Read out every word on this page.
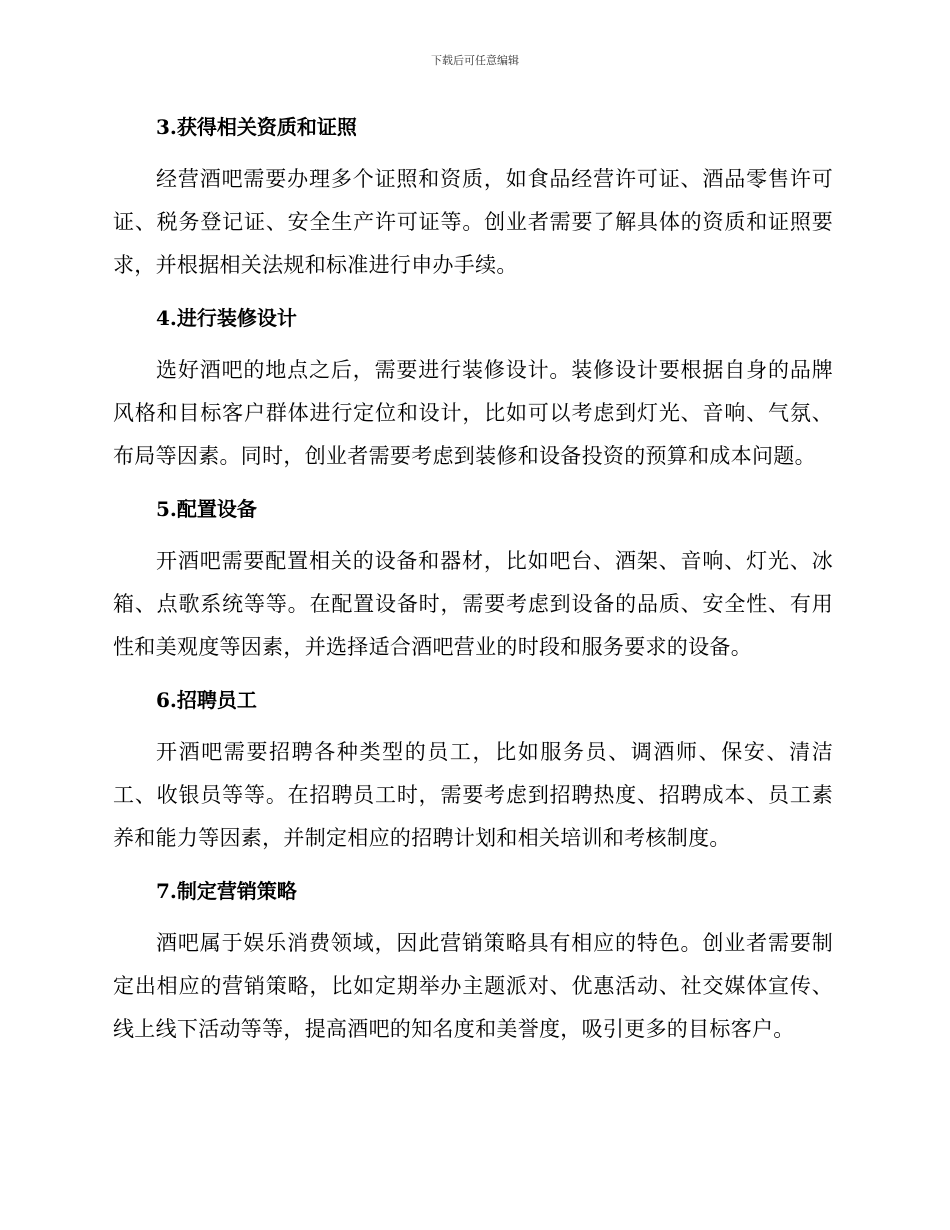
下载后可任意编辑
3.获得相关资质和证照

经营酒吧需要办理多个证照和资质，如食品经营许可证、酒品零售许可证、税务登记证、安全生产许可证等。创业者需要了解具体的资质和证照要求，并根据相关法规和标准进行申办手续。

4.进行装修设计

选好酒吧的地点之后，需要进行装修设计。装修设计要根据自身的品牌风格和目标客户群体进行定位和设计，比如可以考虑到灯光、音响、气氛、布局等因素。同时，创业者需要考虑到装修和设备投资的预算和成本问题。

5.配置设备

开酒吧需要配置相关的设备和器材，比如吧台、酒架、音响、灯光、冰箱、点歌系统等等。在配置设备时，需要考虑到设备的品质、安全性、有用性和美观度等因素，并选择适合酒吧营业的时段和服务要求的设备。

6.招聘员工

开酒吧需要招聘各种类型的员工，比如服务员、调酒师、保安、清洁工、收银员等等。在招聘员工时，需要考虑到招聘热度、招聘成本、员工素养和能力等因素，并制定相应的招聘计划和相关培训和考核制度。

7.制定营销策略

酒吧属于娱乐消费领域，因此营销策略具有相应的特色。创业者需要制定出相应的营销策略，比如定期举办主题派对、优惠活动、社交媒体宣传、线上线下活动等等，提高酒吧的知名度和美誉度，吸引更多的目标客户。
